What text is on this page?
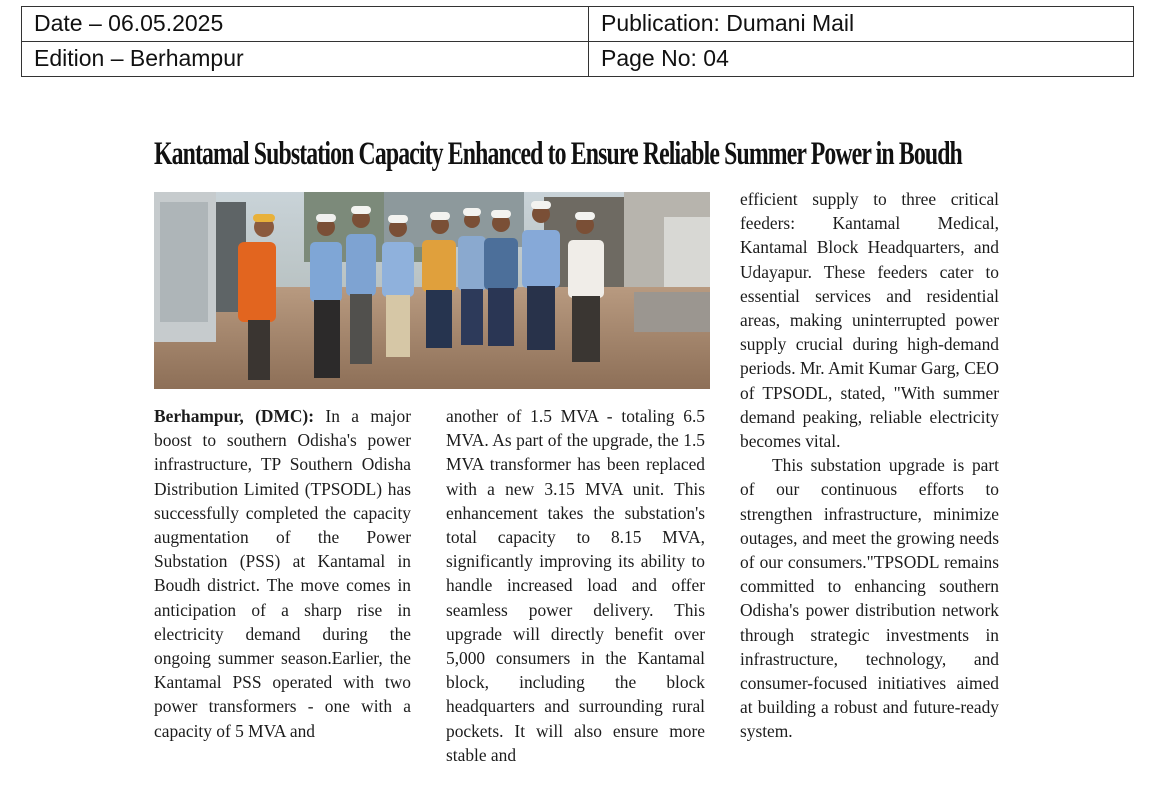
Date – 06.05.2025	Publication: Dumani Mail
Edition – Berhampur	Page No: 04
Kantamal Substation Capacity Enhanced to Ensure Reliable Summer Power in Boudh

Berhampur, (DMC): In a major boost to southern Odisha's power infrastructure, TP Southern Odisha Distribution Limited (TPSODL) has successfully completed the capacity augmentation of the Power Substation (PSS) at Kantamal in Boudh district. The move comes in anticipation of a sharp rise in electricity demand during the ongoing summer season.Earlier, the Kantamal PSS operated with two power transformers - one with a capacity of 5 MVA and

another of 1.5 MVA - totaling 6.5 MVA. As part of the upgrade, the 1.5 MVA transformer has been replaced with a new 3.15 MVA unit. This enhancement takes the substation's total capacity to 8.15 MVA, significantly improving its ability to handle increased load and offer seamless power delivery. This upgrade will directly benefit over 5,000 consumers in the Kantamal block, including the block headquarters and surrounding rural pockets. It will also ensure more stable and

efficient supply to three critical feeders: Kantamal Medical, Kantamal Block Headquarters, and Udayapur. These feeders cater to essential services and residential areas, making uninterrupted power supply crucial during high-demand periods. Mr. Amit Kumar Garg, CEO of TPSODL, stated, "With summer demand peaking, reliable electricity becomes vital.

This substation upgrade is part of our continuous efforts to strengthen infrastructure, minimize outages, and meet the growing needs of our consumers."TPSODL remains committed to enhancing southern Odisha's power distribution network through strategic investments in infrastructure, technology, and consumer-focused initiatives aimed at building a robust and future-ready system.
